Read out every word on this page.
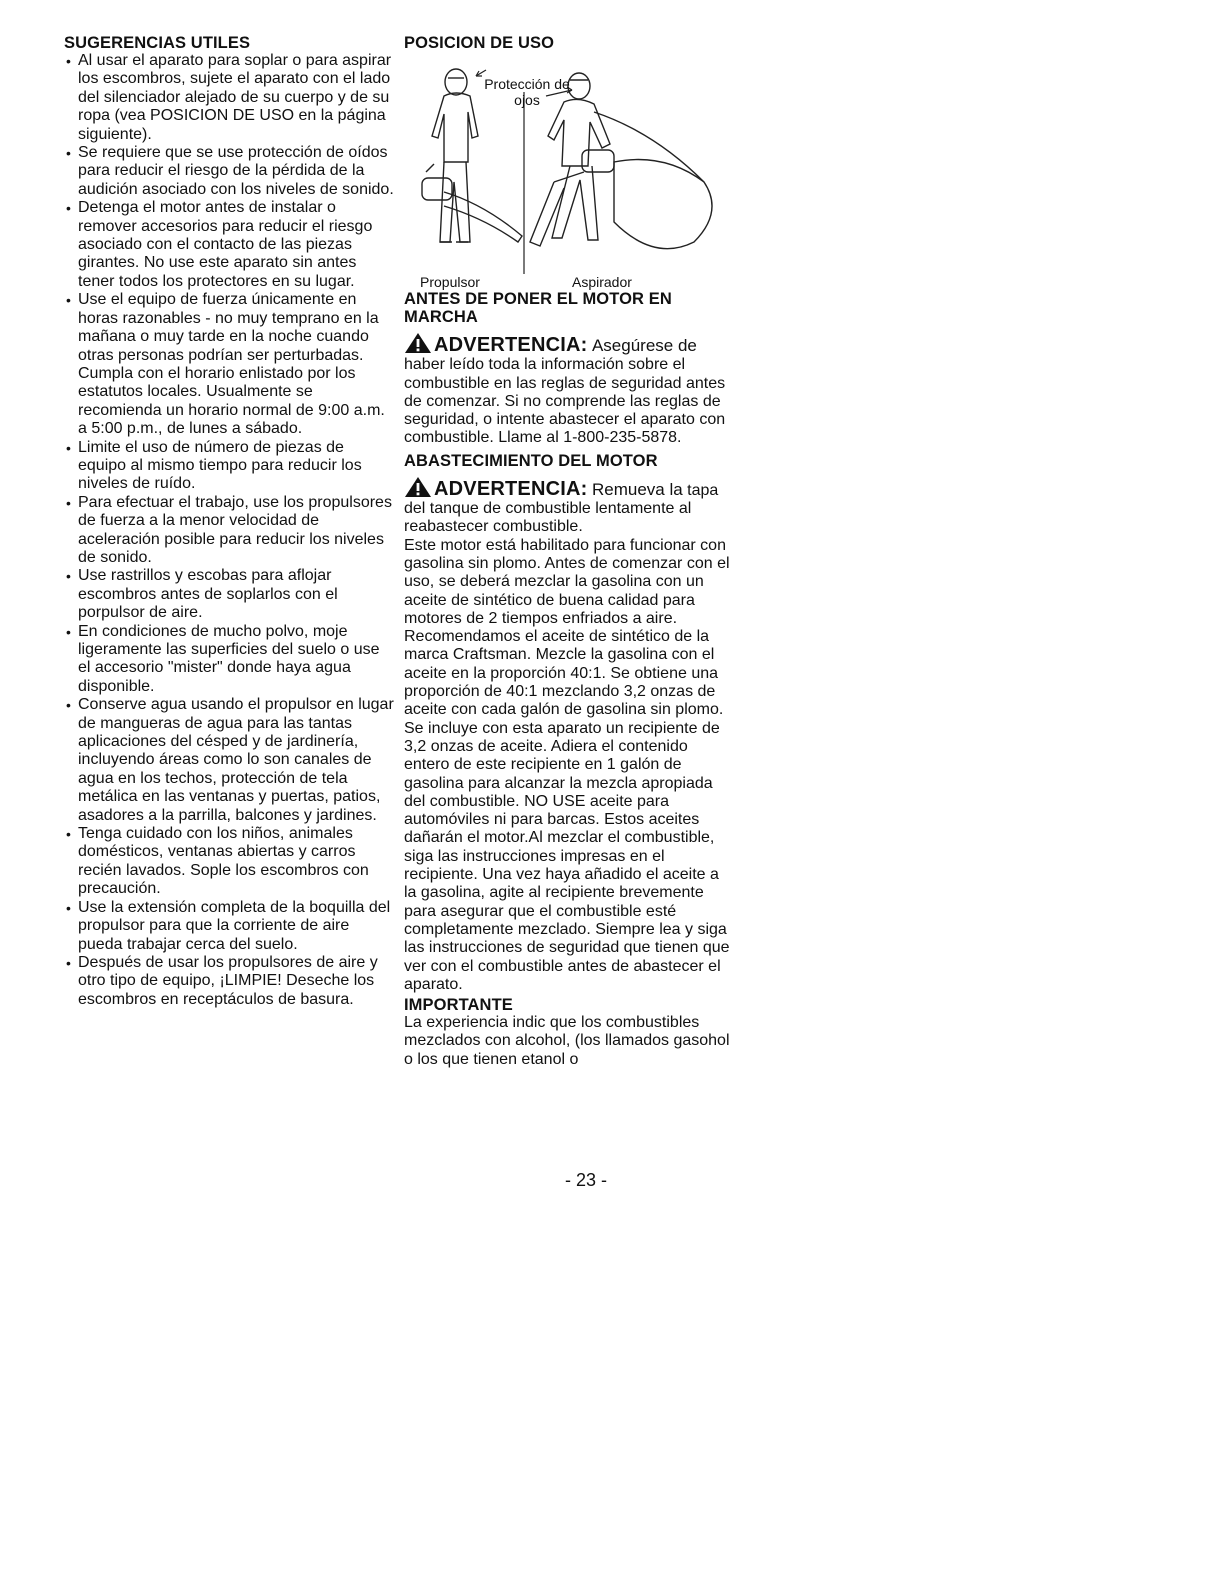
SUGERENCIAS UTILES
• Al usar el aparato para soplar o para aspirar los escombros, sujete el aparato con el lado del silenciador alejado de su cuerpo y de su ropa (vea POSICION DE USO en la página siguiente).
• Se requiere que se use protección de oídos para reducir el riesgo de la pérdida de la audición asociado con los niveles de sonido.
• Detenga el motor antes de instalar o remover accesorios para reducir el riesgo asociado con el contacto de las piezas girantes. No use este aparato sin antes tener todos los protectores en su lugar.
• Use el equipo de fuerza únicamente en horas razonables - no muy temprano en la mañana o muy tarde en la noche cuando otras personas podrían ser perturbadas. Cumpla con el horario enlistado por los estatutos locales. Usualmente se recomienda un horario normal de 9:00 a.m. a 5:00 p.m., de lunes a sábado.
• Limite el uso de número de piezas de equipo al mismo tiempo para reducir los niveles de ruído.
• Para efectuar el trabajo, use los propulsores de fuerza a la menor velocidad de aceleración posible para reducir los niveles de sonido.
• Use rastrillos y escobas para aflojar escombros antes de soplarlos con el porpulsor de aire.
• En condiciones de mucho polvo, moje ligeramente las superficies del suelo o use el accesorio "mister" donde haya agua disponible.
• Conserve agua usando el propulsor en lugar de mangueras de agua para las tantas aplicaciones del césped y de jardinería, incluyendo áreas como lo son canales de agua en los techos, protección de tela metálica en las ventanas y puertas, patios, asadores a la parrilla, balcones y jardines.
• Tenga cuidado con los niños, animales domésticos, ventanas abiertas y carros recién lavados. Sople los escombros con precaución.
• Use la extensión completa de la boquilla del propulsor para que la corriente de aire pueda trabajar cerca del suelo.
• Después de usar los propulsores de aire y otro tipo de equipo, ¡LIMPIE! Deseche los escombros en receptáculos de basura.
POSICION DE USO
Protección de ojos
Propulsor	Aspirador
ANTES DE PONER EL MOTOR EN MARCHA

ADVERTENCIA: Asegúrese de haber leído toda la información sobre el combustible en las reglas de seguridad antes de comenzar. Si no comprende las reglas de seguridad, o intente abastecer el aparato con combustible. Llame al 1-800-235-5878.

ABASTECIMIENTO DEL MOTOR

ADVERTENCIA: Remueva la tapa del tanque de combustible lentamente al reabastecer combustible.

Este motor está habilitado para funcionar con gasolina sin plomo. Antes de comenzar con el uso, se deberá mezclar la gasolina con un aceite de sintético de buena calidad para motores de 2 tiempos enfriados a aire. Recomendamos el aceite de sintético de la marca Craftsman. Mezcle la gasolina con el aceite en la proporción 40:1. Se obtiene una proporción de 40:1 mezclando 3,2 onzas de aceite con cada galón de gasolina sin plomo. Se incluye con esta aparato un recipiente de 3,2 onzas de aceite. Adiera el contenido entero de este recipiente en 1 galón de gasolina para alcanzar la mezcla apropiada del combustible. NO USE aceite para automóviles ni para barcas. Estos aceites dañarán el motor.Al mezclar el combustible, siga las instrucciones impresas en el recipiente. Una vez haya añadido el aceite a la gasolina, agite al recipiente brevemente para asegurar que el combustible esté completamente mezclado. Siempre lea y siga las instrucciones de seguridad que tienen que ver con el combustible antes de abastecer el aparato.

IMPORTANTE

La experiencia indic que los combustibles mezclados con alcohol, (los llamados gasohol o los que tienen etanol o

- 23 -
